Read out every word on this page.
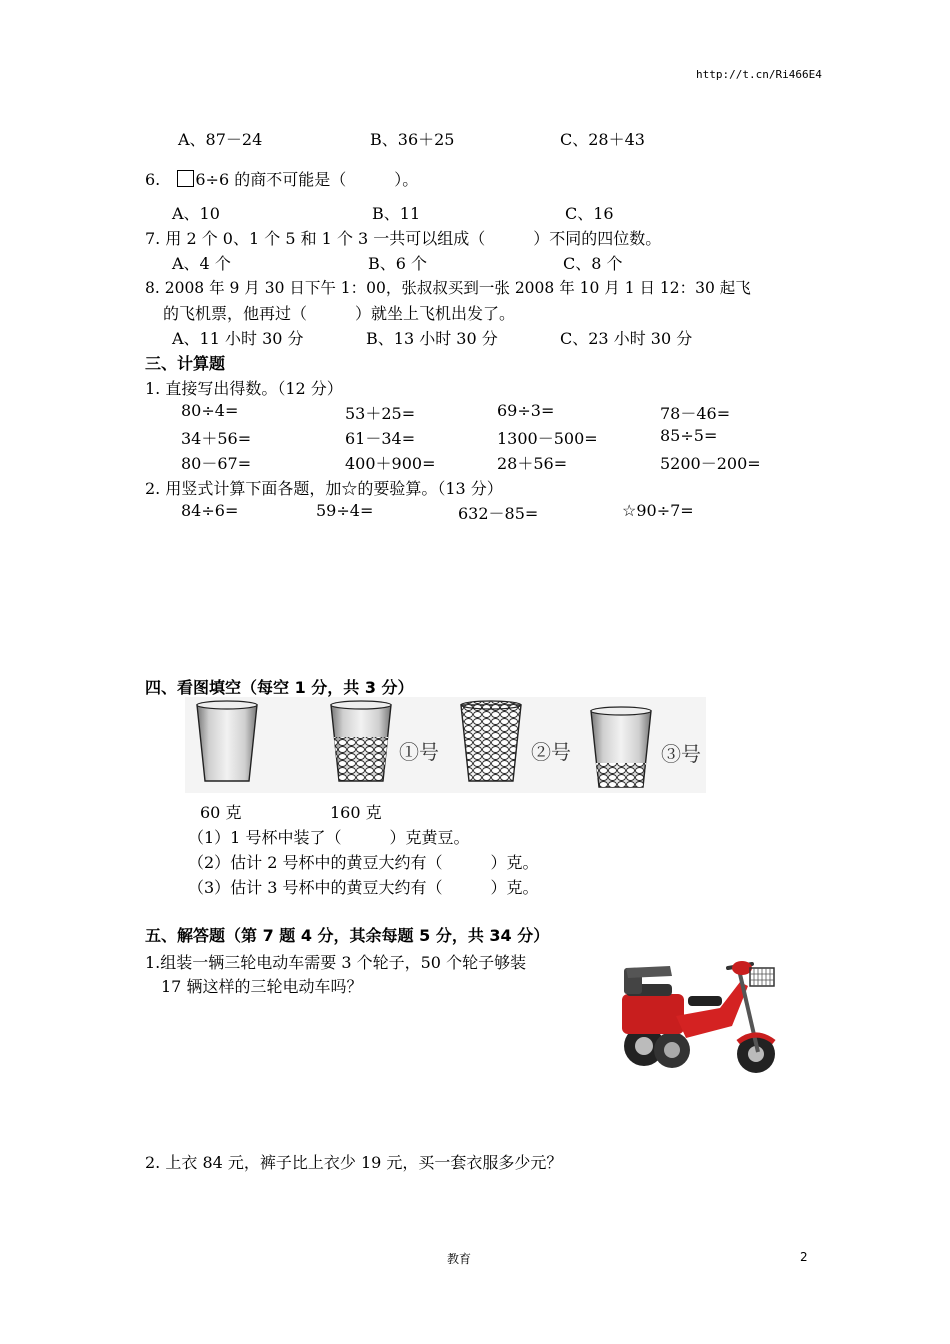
http://t.cn/Ri466E4
A、87－24	B、36＋25	C、28＋43
6. 6÷6 的商不可能是（　　　）。
A、10	B、11	C、16
7. 用 2 个 0、1 个 5 和 1 个 3 一共可以组成（　　　）不同的四位数。
A、4 个	B、6 个	C、8 个
8. 2008 年 9 月 30 日下午 1：00，张叔叔买到一张 2008 年 10 月 1 日 12：30 起飞
的飞机票，他再过（　　　）就坐上飞机出发了。
A、11 小时 30 分	B、13 小时 30 分	C、23 小时 30 分
三、计算题
1. 直接写出得数。（12 分）
80÷4=	53＋25=	69÷3=	78－46=
34＋56=	61－34=	1300－500=	85÷5=
80－67=	400＋900=	28＋56=	5200－200=
2. 用竖式计算下面各题，加☆的要验算。（13 分）
84÷6=	59÷4=	632－85=	☆90÷7=
四、看图填空（每空 1 分，共 3 分）
①号	②号	③号
60 克	160 克
（1）1 号杯中装了（　　　）克黄豆。
（2）估计 2 号杯中的黄豆大约有（　　　）克。
（3）估计 3 号杯中的黄豆大约有（　　　）克。
五、解答题（第 7 题 4 分，其余每题 5 分，共 34 分）
1.组装一辆三轮电动车需要 3 个轮子，50 个轮子够装
17 辆这样的三轮电动车吗？
2. 上衣 84 元，裤子比上衣少 19 元，买一套衣服多少元？
教育	2
